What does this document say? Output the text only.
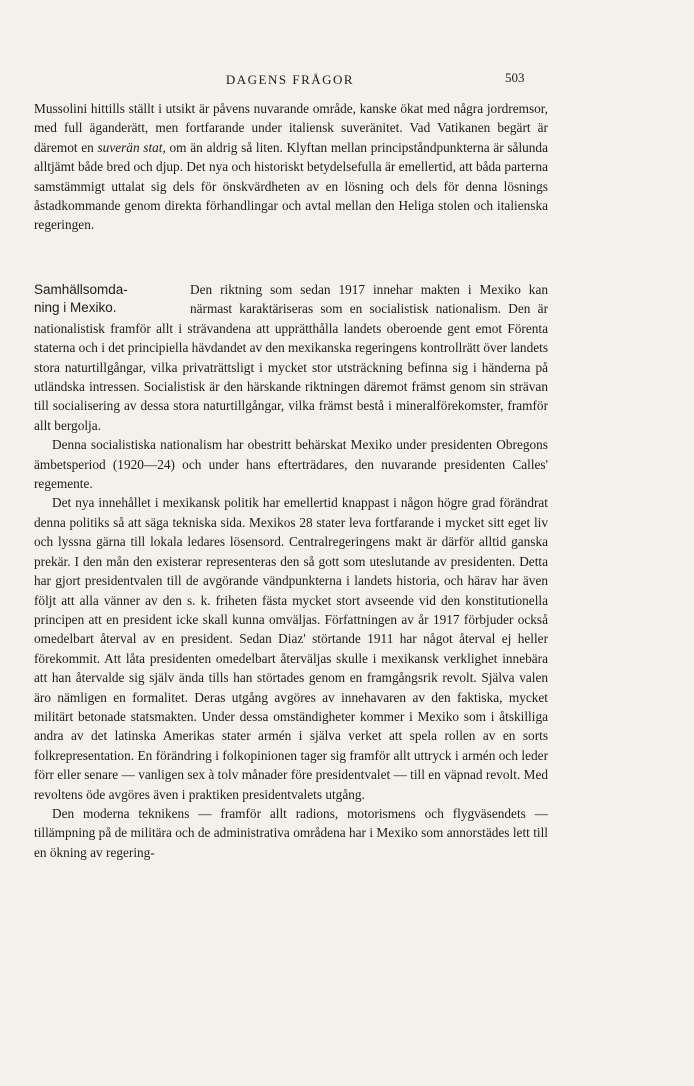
DAGENS FRÅGOR	503

Mussolini hittills ställt i utsikt är påvens nuvarande område, kanske ökat med några jordremsor, med full äganderätt, men fortfarande under italiensk suveränitet. Vad Vatikanen begärt är däremot en suverän stat, om än aldrig så liten. Klyftan mellan principståndpunkterna är sålunda alltjämt både bred och djup. Det nya och historiskt betydelsefulla är emellertid, att båda parterna samstämmigt uttalat sig dels för önskvärdheten av en lösning och dels för denna lösnings åstadkommande genom direkta förhandlingar och avtal mellan den Heliga stolen och italienska regeringen.

Samhällsomda-
ning i Mexiko.

Den riktning som sedan 1917 innehar makten i Mexiko kan närmast karaktäriseras som en socialistisk nationalism. Den är nationalistisk framför allt i strävandena att upprätthålla landets oberoende gent emot Förenta staterna och i det principiella hävdandet av den mexikanska regeringens kontrollrätt över landets stora naturtillgångar, vilka privaträttsligt i mycket stor utsträckning befinna sig i händerna på utländska intressen. Socialistisk är den härskande riktningen däremot främst genom sin strävan till socialisering av dessa stora naturtillgångar, vilka främst bestå i mineralförekomster, framför allt bergolja.

Denna socialistiska nationalism har obestritt behärskat Mexiko under presidenten Obregons ämbetsperiod (1920—24) och under hans efterträdares, den nuvarande presidenten Calles' regemente.

Det nya innehållet i mexikansk politik har emellertid knappast i någon högre grad förändrat denna politiks så att säga tekniska sida. Mexikos 28 stater leva fortfarande i mycket sitt eget liv och lyssna gärna till lokala ledares lösensord. Centralregeringens makt är därför alltid ganska prekär. I den mån den existerar representeras den så gott som uteslutande av presidenten. Detta har gjort presidentvalen till de avgörande vändpunkterna i landets historia, och härav har även följt att alla vänner av den s. k. friheten fästa mycket stort avseende vid den konstitutionella principen att en president icke skall kunna omväljas. Författningen av år 1917 förbjuder också omedelbart återval av en president. Sedan Diaz' störtande 1911 har något återval ej heller förekommit. Att låta presidenten omedelbart återväljas skulle i mexikansk verklighet innebära att han återvalde sig själv ända tills han störtades genom en framgångsrik revolt. Själva valen äro nämligen en formalitet. Deras utgång avgöres av innehavaren av den faktiska, mycket militärt betonade statsmakten. Under dessa omständigheter kommer i Mexiko som i åtskilliga andra av det latinska Amerikas stater armén i själva verket att spela rollen av en sorts folkrepresentation. En förändring i folkopinionen tager sig framför allt uttryck i armén och leder förr eller senare — vanligen sex à tolv månader före presidentvalet — till en väpnad revolt. Med revoltens öde avgöres även i praktiken presidentvalets utgång.

Den moderna teknikens — framför allt radions, motorismens och flygväsendets — tillämpning på de militära och de administrativa områdena har i Mexiko som annorstädes lett till en ökning av regering-
